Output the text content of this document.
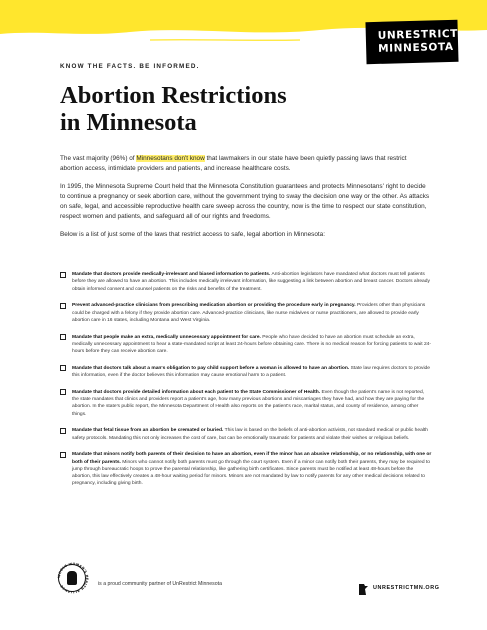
UNRESTRICT
MINNESOTA
KNOW THE FACTS. BE INFORMED.
Abortion Restrictions
in Minnesota

The vast majority (96%) of Minnesotans don't know that lawmakers in our state have been quietly passing laws that restrict abortion access, intimidate providers and patients, and increase healthcare costs.

In 1995, the Minnesota Supreme Court held that the Minnesota Constitution guarantees and protects Minnesotans' right to decide to continue a pregnancy or seek abortion care, without the government trying to sway the decision one way or the other. As attacks on safe, legal, and accessible reproductive health care sweep across the country, now is the time to respect our state constitution, respect women and patients, and safeguard all of our rights and freedoms.

Below is a list of just some of the laws that restrict access to safe, legal abortion in Minnesota:

Mandate that doctors provide medically-irrelevant and biased information to patients. Anti-abortion legislators have mandated what doctors must tell patients before they are allowed to have an abortion. This includes medically irrelevant information, like suggesting a link between abortion and breast cancer. Doctors already obtain informed consent and counsel patients on the risks and benefits of the treatment.
Prevent advanced-practice clinicians from prescribing medication abortion or providing the procedure early in pregnancy. Providers other than physicians could be charged with a felony if they provide abortion care. Advanced-practice clinicians, like nurse midwives or nurse practitioners, are allowed to provide early abortion care in 16 states, including Montana and West Virginia.
Mandate that people make an extra, medically unnecessary appointment for care. People who have decided to have an abortion must schedule an extra, medically unnecessary appointment to hear a state-mandated script at least 24-hours before obtaining care. There is no medical reason for forcing patients to wait 24-hours before they can receive abortion care.
Mandate that doctors talk about a man's obligation to pay child support before a woman is allowed to have an abortion. State law requires doctors to provide this information, even if the doctor believes this information may cause emotional harm to a patient.
Mandate that doctors provide detailed information about each patient to the State Commissioner of Health. Even though the patient's name is not reported, the state mandates that clinics and providers report a patient's age, how many previous abortions and miscarriages they have had, and how they are paying for the abortion. In the state's public report, the Minnesota Department of Health also reports on the patient's race, marital status, and county of residence, among other things.
Mandate that fetal tissue from an abortion be cremated or buried. This law is based on the beliefs of anti-abortion activists, not standard medical or public health safety protocols. Mandating this not only increases the cost of care, but can be emotionally traumatic for patients and violate their wishes or religious beliefs.
Mandate that minors notify both parents of their decision to have an abortion, even if the minor has an abusive relationship, or no relationship, with one or both of their parents. Minors who cannot notify both parents must go through the court system. Even if a minor can notify both their parents, they may be required to jump through bureaucratic hoops to prove the parental relationship, like gathering birth certificates. Since parents must be notified at least 48-hours before the abortion, this law effectively creates a 48-hour waiting period for minors. Minors are not mandated by law to notify parents for any other medical decisions related to pregnancy, including giving birth.
WHOLE WOMAN'S HEALTH ALLIANCE	is a proud community partner of UnRestrict Minnesota
UNRESTRICTMN.ORG
